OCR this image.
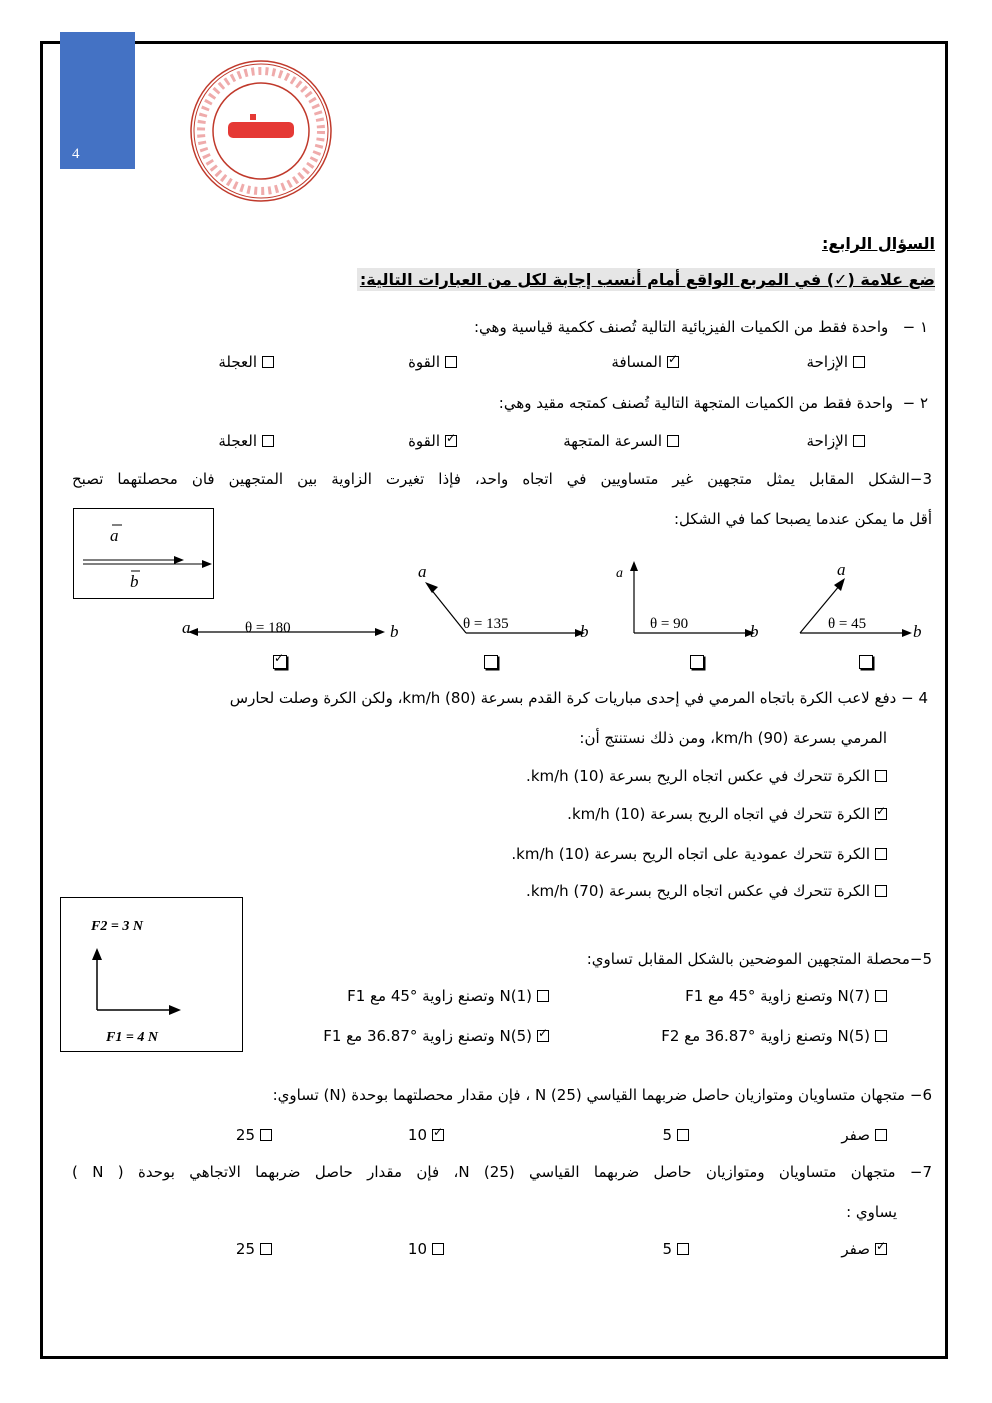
4
السؤال الرابع:
ضع علامة (✓) في المربع الواقع أمام أنسب إجابة لكل من العبارات التالية:
١ −   واحدة فقط من الكميات الفيزيائية التالية تُصنف ككمية قياسية وهي:
الإزاحة
✓
المسافة
القوة
العجلة
٢ −  واحدة فقط من الكميات المتجهة التالية تُصنف كمتجه مقيد وهي:
الإزاحة
السرعة المتجهة
✓
القوة
العجلة
3−الشكل المقابل يمثل متجهين غير متساويين في اتجاه واحد، فإذا تغيرت الزاوية بين المتجهين فان محصلتهما تصبح
أقل ما يمكن عندما يصبحا كما في الشكل:
a
b
a	θ = 180	b
a
θ = 135	b
a
θ = 90	b
a
θ = 45	b
✓
4 − دفع لاعب الكرة باتجاه المرمي في إحدى مباريات كرة القدم بسرعة km/h (80)، ولكن الكرة وصلت لحارس
المرمي بسرعة km/h (90)، ومن ذلك نستنتج أن:
الكرة تتحرك في عكس اتجاه الريح بسرعة km/h (10).
✓
الكرة تتحرك في اتجاه الريح بسرعة km/h (10).
الكرة تتحرك عمودية على اتجاه الريح بسرعة km/h (10).
الكرة تتحرك في عكس اتجاه الريح بسرعة km/h (70).
F2 = 3 N
F1 = 4 N
5−محصلة المتجهين الموضحين بالشكل المقابل تساوي:
N(7) وتصنع زاوية °45 مع F1
N(1) وتصنع زاوية °45 مع F1
N(5) وتصنع زاوية °36.87 مع F2
✓
N(5) وتصنع زاوية °36.87 مع F1
6− متجهان متساويان ومتوازيان حاصل ضربهما القياسي N (25) ، فإن مقدار محصلتهما بوحدة (N) تساوي:
صفر
5
✓
10
25
7− متجهان متساويان ومتوازيان حاصل ضربهما القياسي N (25)، فإن مقدار حاصل ضربهما الاتجاهي بوحدة ( N )
يساوي :
✓
صفر
5
10
25
